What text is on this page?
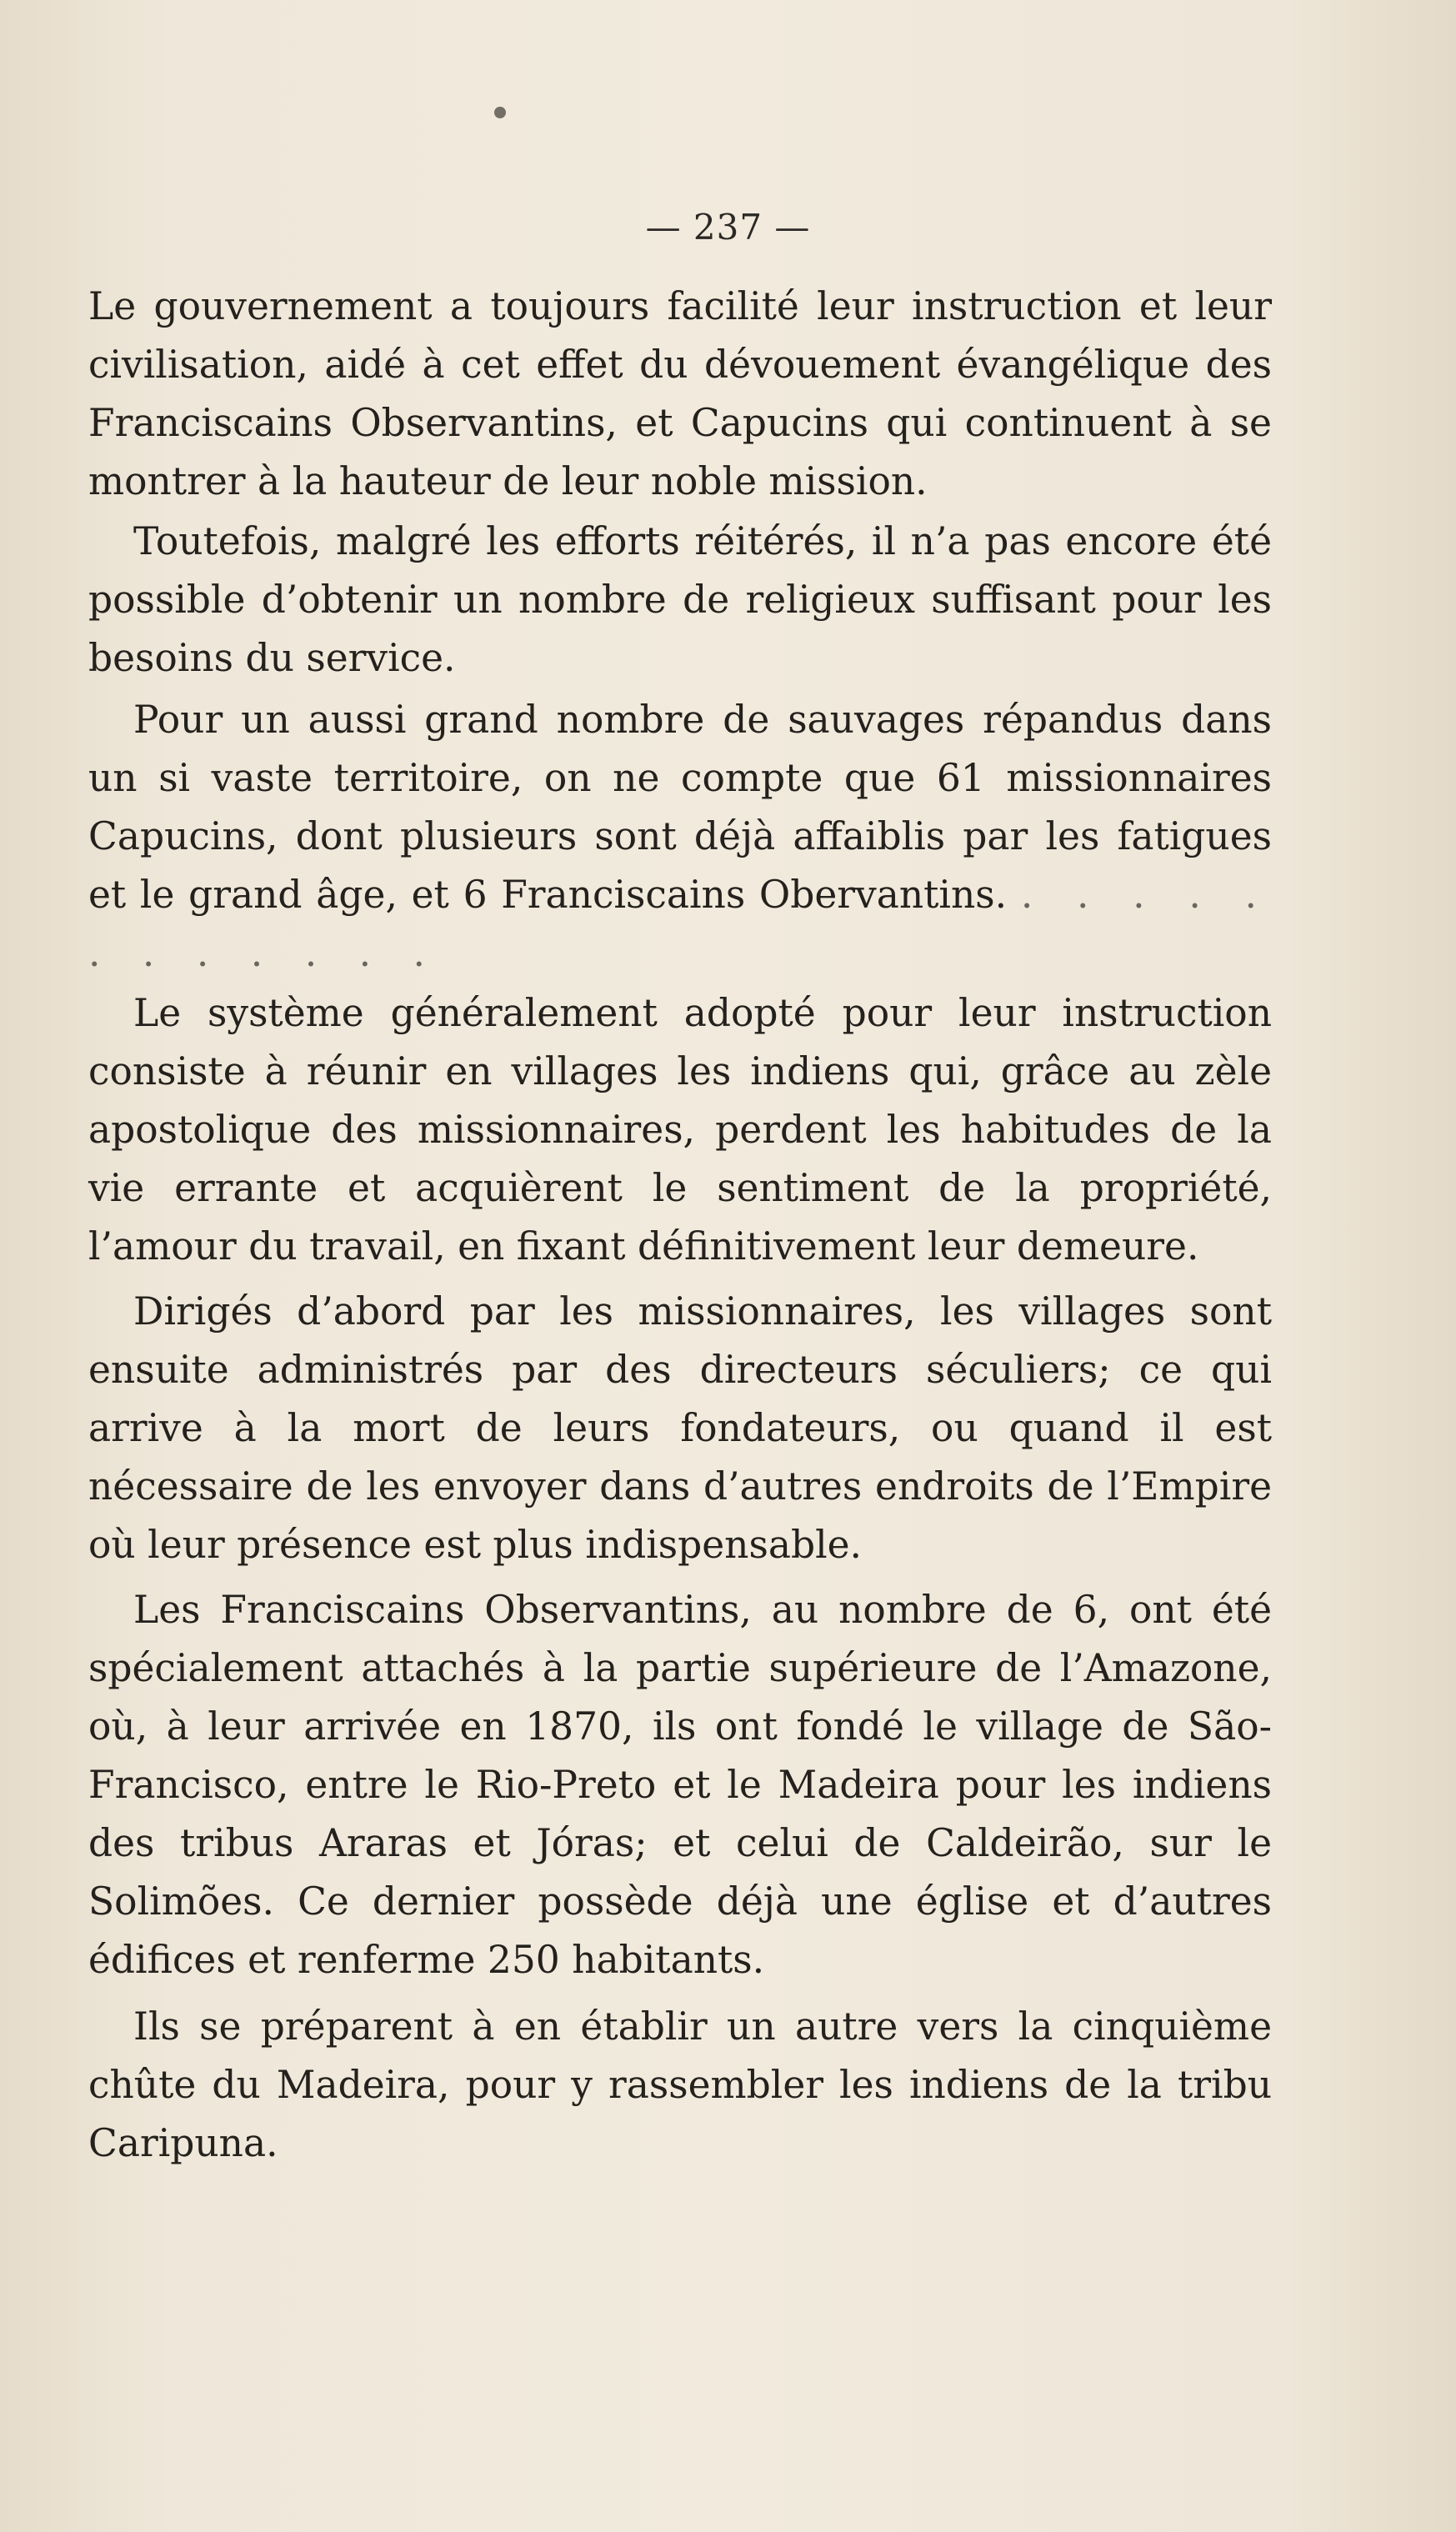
— 237 —

Le gouvernement a toujours facilité leur instruction et leur civilisation, aidé à cet effet du dévouement évangélique des Franciscains Observantins, et Capucins qui continuent à se montrer à la hauteur de leur noble mission.

Toutefois, malgré les efforts réitérés, il n’a pas encore été possible d’obtenir un nombre de religieux suffisant pour les besoins du service.

Pour un aussi grand nombre de sauvages répandus dans un si vaste territoire, on ne compte que 61 missionnaires Capucins, dont plusieurs sont déjà affaiblis par les fatigues et le grand âge, et 6 Franciscains Obervantins. . . . . . . . . . . . .

Le système généralement adopté pour leur instruction consiste à réunir en villages les indiens qui, grâce au zèle apostolique des missionnaires, perdent les habitudes de la vie errante et acquièrent le sentiment de la propriété, l’amour du travail, en fixant définitivement leur demeure.

Dirigés d’abord par les missionnaires, les villages sont ensuite administrés par des directeurs séculiers; ce qui arrive à la mort de leurs fondateurs, ou quand il est nécessaire de les envoyer dans d’autres endroits de l’Empire où leur présence est plus indispensable.

Les Franciscains Observantins, au nombre de 6, ont été spécialement attachés à la partie supérieure de l’Amazone, où, à leur arrivée en 1870, ils ont fondé le village de São-Francisco, entre le Rio-Preto et le Madeira pour les indiens des tribus Araras et Jóras; et celui de Caldeirão, sur le Solimões. Ce dernier possède déjà une église et d’autres édifices et renferme 250 habitants.

Ils se préparent à en établir un autre vers la cinquième chûte du Madeira, pour y rassembler les indiens de la tribu Caripuna.
